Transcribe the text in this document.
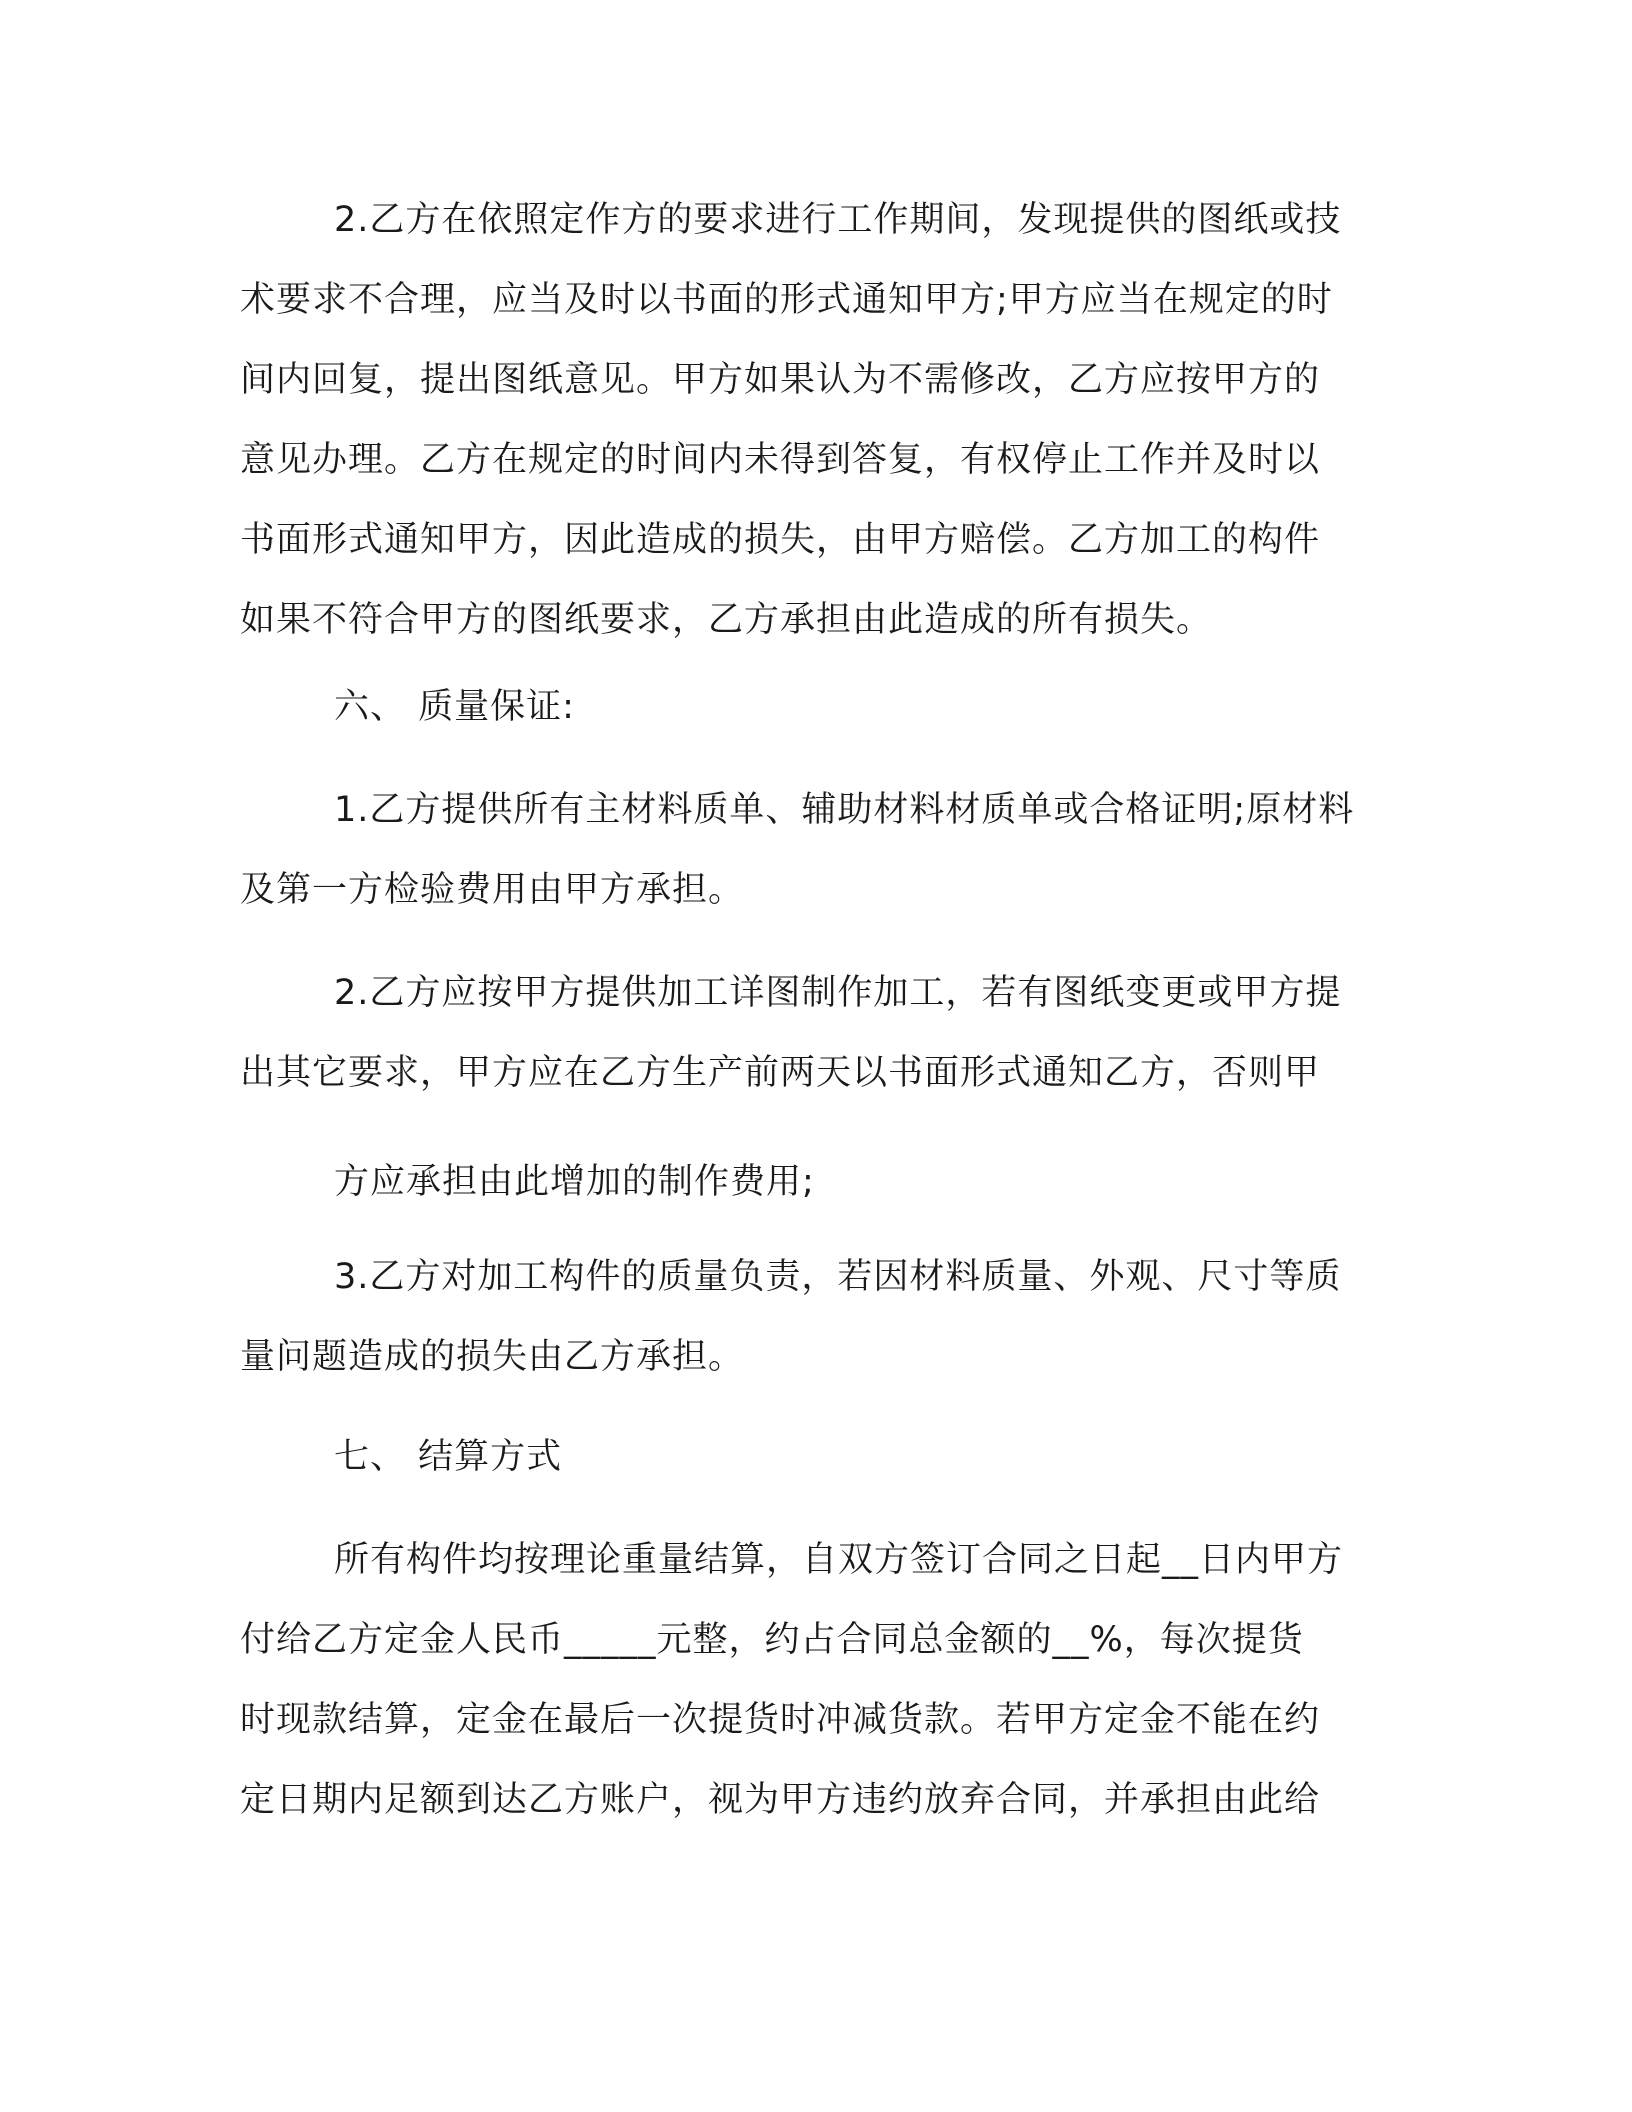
2.乙方在依照定作方的要求进行工作期间，发现提供的图纸或技
术要求不合理，应当及时以书面的形式通知甲方;甲方应当在规定的时
间内回复，提出图纸意见。甲方如果认为不需修改，乙方应按甲方的
意见办理。乙方在规定的时间内未得到答复，有权停止工作并及时以
书面形式通知甲方，因此造成的损失，由甲方赔偿。乙方加工的构件
如果不符合甲方的图纸要求，乙方承担由此造成的所有损失。
六、 质量保证:
1.乙方提供所有主材料质单、辅助材料材质单或合格证明;原材料
及第一方检验费用由甲方承担。
2.乙方应按甲方提供加工详图制作加工，若有图纸变更或甲方提
出其它要求，甲方应在乙方生产前两天以书面形式通知乙方，否则甲
方应承担由此增加的制作费用;
3.乙方对加工构件的质量负责，若因材料质量、外观、尺寸等质
量问题造成的损失由乙方承担。
七、 结算方式
所有构件均按理论重量结算，自双方签订合同之日起__日内甲方
付给乙方定金人民币_____元整，约占合同总金额的__%，每次提货
时现款结算，定金在最后一次提货时冲减货款。若甲方定金不能在约
定日期内足额到达乙方账户，视为甲方违约放弃合同，并承担由此给
